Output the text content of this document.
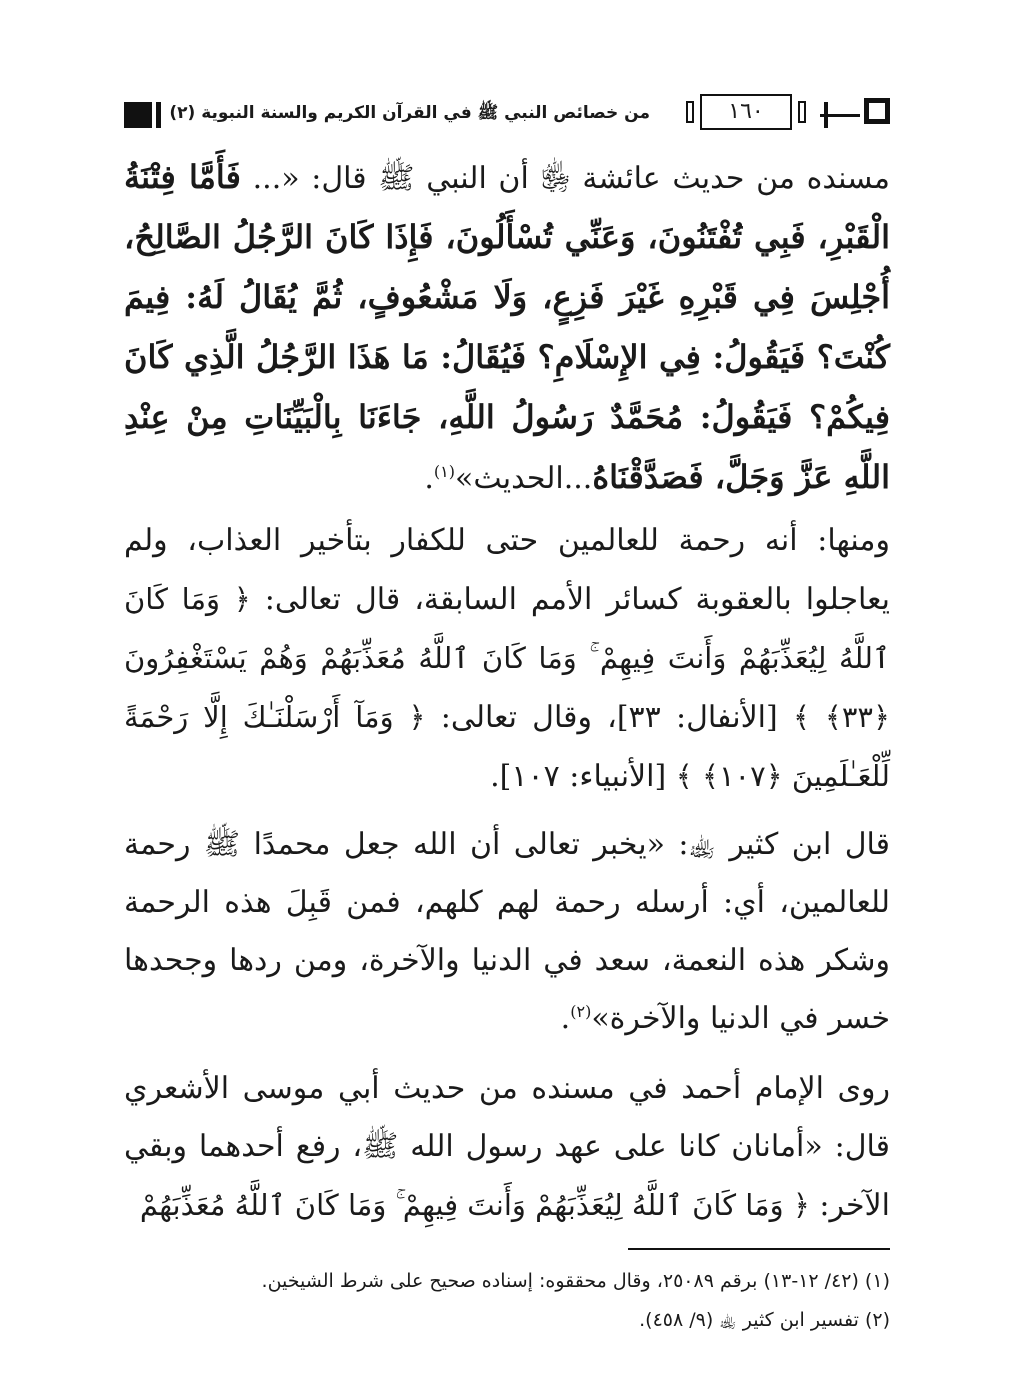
من خصائص النبي ﷺ في القرآن الكريم والسنة النبوية (٢)	١٦٠

مسنده من حديث عائشة ﵂ أن النبي ﷺ قال: «... فَأَمَّا فِتْنَةُ الْقَبْرِ، فَبِي تُفْتَنُونَ، وَعَنِّي تُسْأَلُونَ، فَإِذَا كَانَ الرَّجُلُ الصَّالِحُ، أُجْلِسَ فِي قَبْرِهِ غَيْرَ فَزِعٍ، وَلَا مَشْعُوفٍ، ثُمَّ يُقَالُ لَهُ: فِيمَ كُنْتَ؟ فَيَقُولُ: فِي الإِسْلَامِ؟ فَيُقَالُ: مَا هَذَا الرَّجُلُ الَّذِي كَانَ فِيكُمْ؟ فَيَقُولُ: مُحَمَّدٌ رَسُولُ اللَّهِ، جَاءَنَا بِالْبَيِّنَاتِ مِنْ عِنْدِ اللَّهِ عَزَّ وَجَلَّ، فَصَدَّقْنَاهُ...الحديث»$^{(١)}$.

ومنها: أنه رحمة للعالمين حتى للكفار بتأخير العذاب، ولم يعاجلوا بالعقوبة كسائر الأمم السابقة، قال تعالى: ﴿ وَمَا كَانَ ٱللَّهُ لِيُعَذِّبَهُمْ وَأَنتَ فِيهِمْ ۚ وَمَا كَانَ ٱللَّهُ مُعَذِّبَهُمْ وَهُمْ يَسْتَغْفِرُونَ ﴿٣٣﴾ ﴾ [الأنفال: ٣٣]، وقال تعالى: ﴿ وَمَآ أَرْسَلْنَـٰكَ إِلَّا رَحْمَةً لِّلْعَـٰلَمِينَ ﴿١٠٧﴾ ﴾ [الأنبياء: ١٠٧].

قال ابن كثير ﵀: «يخبر تعالى أن الله جعل محمدًا ﷺ رحمة للعالمين، أي: أرسله رحمة لهم كلهم، فمن قَبِلَ هذه الرحمة وشكر هذه النعمة، سعد في الدنيا والآخرة، ومن ردها وجحدها خسر في الدنيا والآخرة»$^{(٢)}$.

روى الإمام أحمد في مسنده من حديث أبي موسى الأشعري قال: «أمانان كانا على عهد رسول الله ﷺ، رفع أحدهما وبقي الآخر: ﴿ وَمَا كَانَ ٱللَّهُ لِيُعَذِّبَهُمْ وَأَنتَ فِيهِمْ ۚ وَمَا كَانَ ٱللَّهُ مُعَذِّبَهُمْ

(١) (٤٢/ ١٢-١٣) برقم ٢٥٠٨٩، وقال محققوه: إسناده صحيح على شرط الشيخين.
(٢) تفسير ابن كثير ﵀ (٩/ ٤٥٨).
